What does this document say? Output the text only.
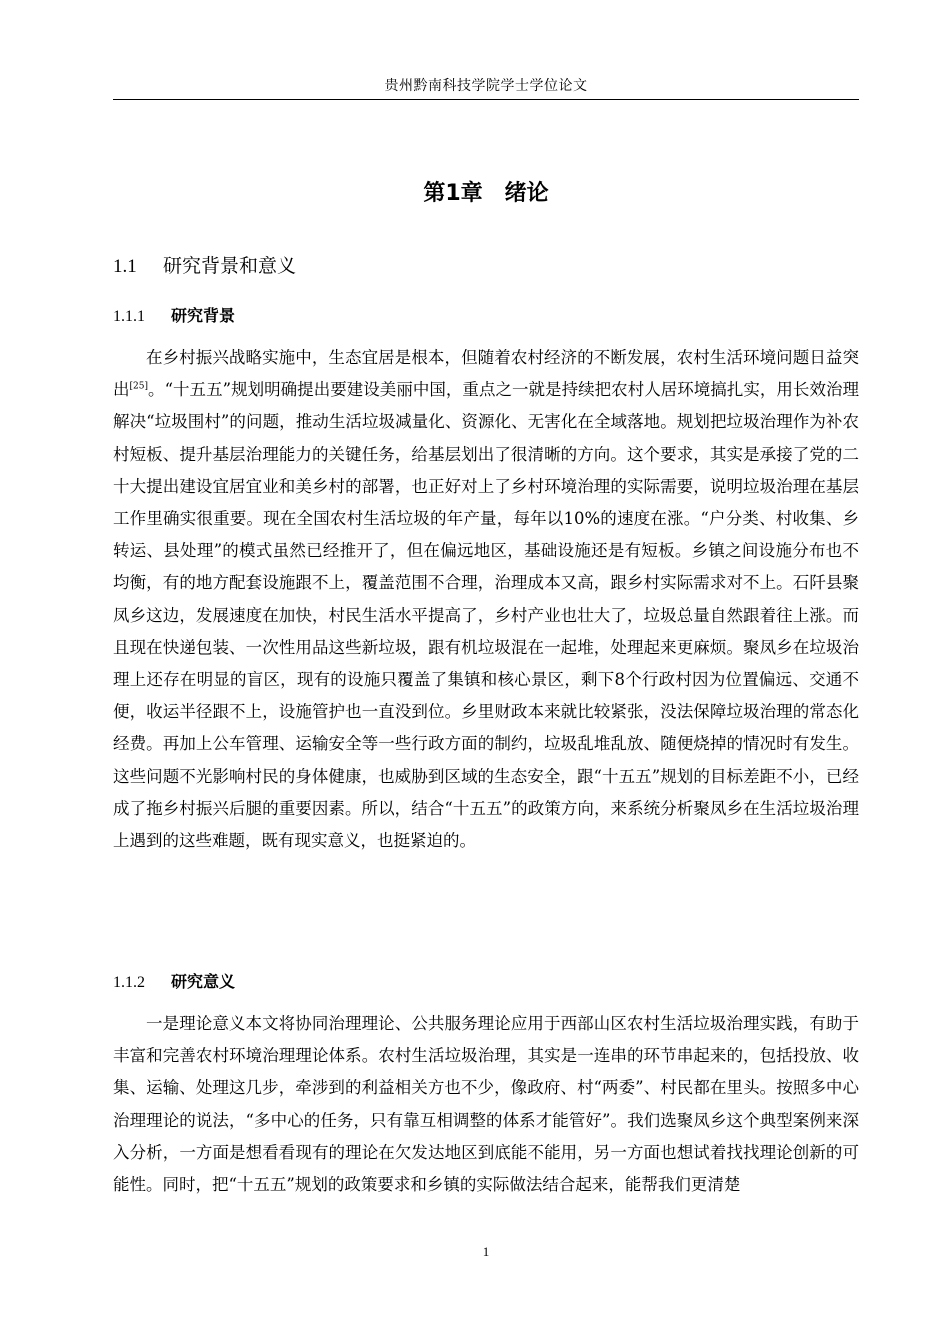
贵州黔南科技学院学士学位论文
第1章　绪论
1.1 研究背景和意义
1.1.1 研究背景

在乡村振兴战略实施中，生态宜居是根本，但随着农村经济的不断发展，农村生活环境问题日益突出[25]。“十五五”规划明确提出要建设美丽中国，重点之一就是持续把农村人居环境搞扎实，用长效治理解决“垃圾围村”的问题，推动生活垃圾减量化、资源化、无害化在全域落地。规划把垃圾治理作为补农村短板、提升基层治理能力的关键任务，给基层划出了很清晰的方向。这个要求，其实是承接了党的二十大提出建设宜居宜业和美乡村的部署，也正好对上了乡村环境治理的实际需要，说明垃圾治理在基层工作里确实很重要。现在全国农村生活垃圾的年产量，每年以10%的速度在涨。“户分类、村收集、乡转运、县处理”的模式虽然已经推开了，但在偏远地区，基础设施还是有短板。乡镇之间设施分布也不均衡，有的地方配套设施跟不上，覆盖范围不合理，治理成本又高，跟乡村实际需求对不上。石阡县聚凤乡这边，发展速度在加快，村民生活水平提高了，乡村产业也壮大了，垃圾总量自然跟着往上涨。而且现在快递包装、一次性用品这些新垃圾，跟有机垃圾混在一起堆，处理起来更麻烦。聚凤乡在垃圾治理上还存在明显的盲区，现有的设施只覆盖了集镇和核心景区，剩下8个行政村因为位置偏远、交通不便，收运半径跟不上，设施管护也一直没到位。乡里财政本来就比较紧张，没法保障垃圾治理的常态化经费。再加上公车管理、运输安全等一些行政方面的制约，垃圾乱堆乱放、随便烧掉的情况时有发生。这些问题不光影响村民的身体健康，也威胁到区域的生态安全，跟“十五五”规划的目标差距不小，已经成了拖乡村振兴后腿的重要因素。所以，结合“十五五”的政策方向，来系统分析聚凤乡在生活垃圾治理上遇到的这些难题，既有现实意义，也挺紧迫的。

1.1.2 研究意义

一是理论意义本文将协同治理理论、公共服务理论应用于西部山区农村生活垃圾治理实践，有助于丰富和完善农村环境治理理论体系。农村生活垃圾治理，其实是一连串的环节串起来的，包括投放、收集、运输、处理这几步，牵涉到的利益相关方也不少，像政府、村“两委”、村民都在里头。按照多中心治理理论的说法，“多中心的任务，只有靠互相调整的体系才能管好”。我们选聚凤乡这个典型案例来深入分析，一方面是想看看现有的理论在欠发达地区到底能不能用，另一方面也想试着找找理论创新的可能性。同时，把“十五五”规划的政策要求和乡镇的实际做法结合起来，能帮我们更清楚

1
